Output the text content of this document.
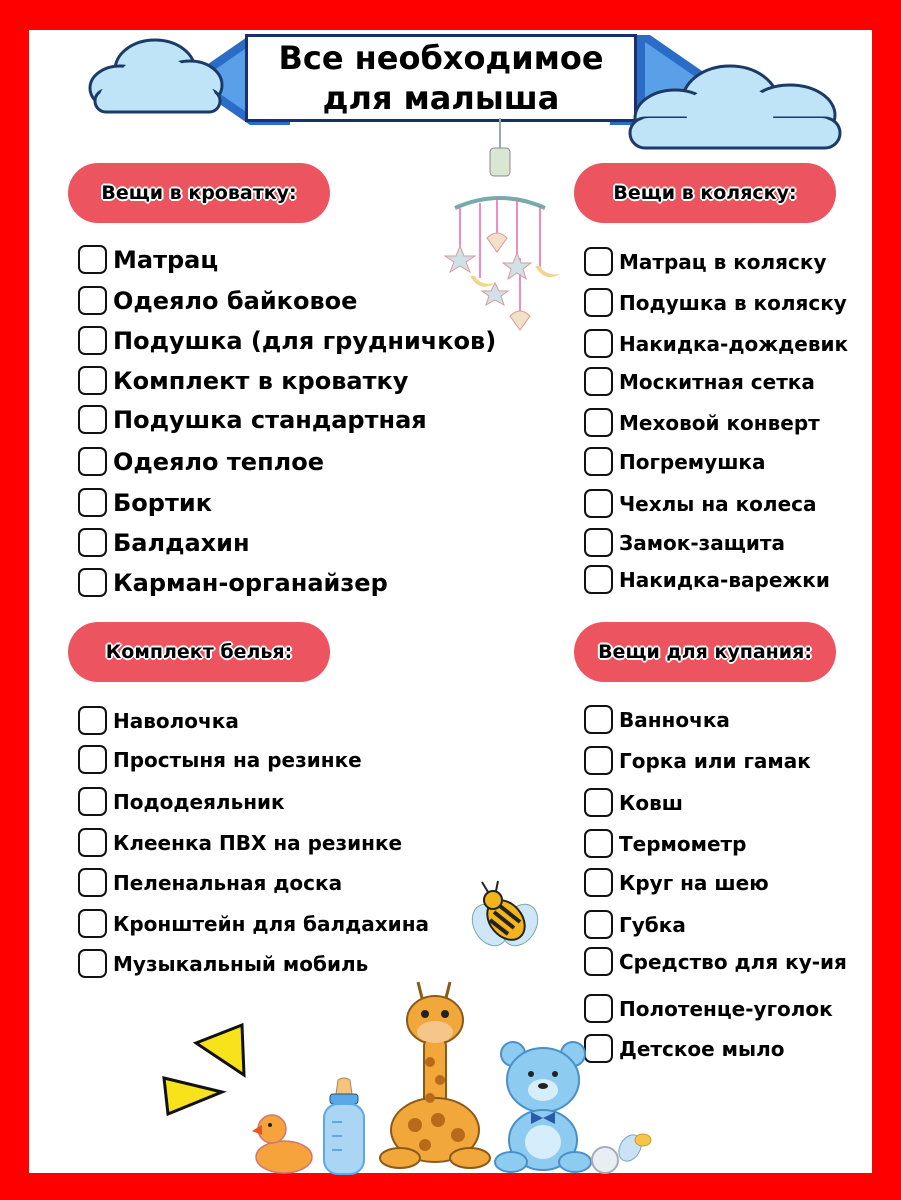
Все необходимое
для малыша
Вещи в кроватку:	Вещи в коляску:
Комплект белья:	Вещи для купания:
Матрац
Одеяло байковое
Подушка (для грудничков)
Комплект в кроватку
Подушка стандартная
Одеяло теплое
Бортик
Балдахин
Карман-органайзер
Матрац в коляску
Подушка в коляску
Накидка-дождевик
Москитная сетка
Меховой конверт
Погремушка
Чехлы на колеса
Замок-защита
Накидка-варежки
Наволочка
Простыня на резинке
Пододеяльник
Клеенка ПВХ на резинке
Пеленальная доска
Кронштейн для балдахина
Музыкальный мобиль
Ванночка
Горка или гамак
Ковш
Термометр
Круг на шею
Губка
Средство для ку-ия
Полотенце-уголок
Детское мыло
